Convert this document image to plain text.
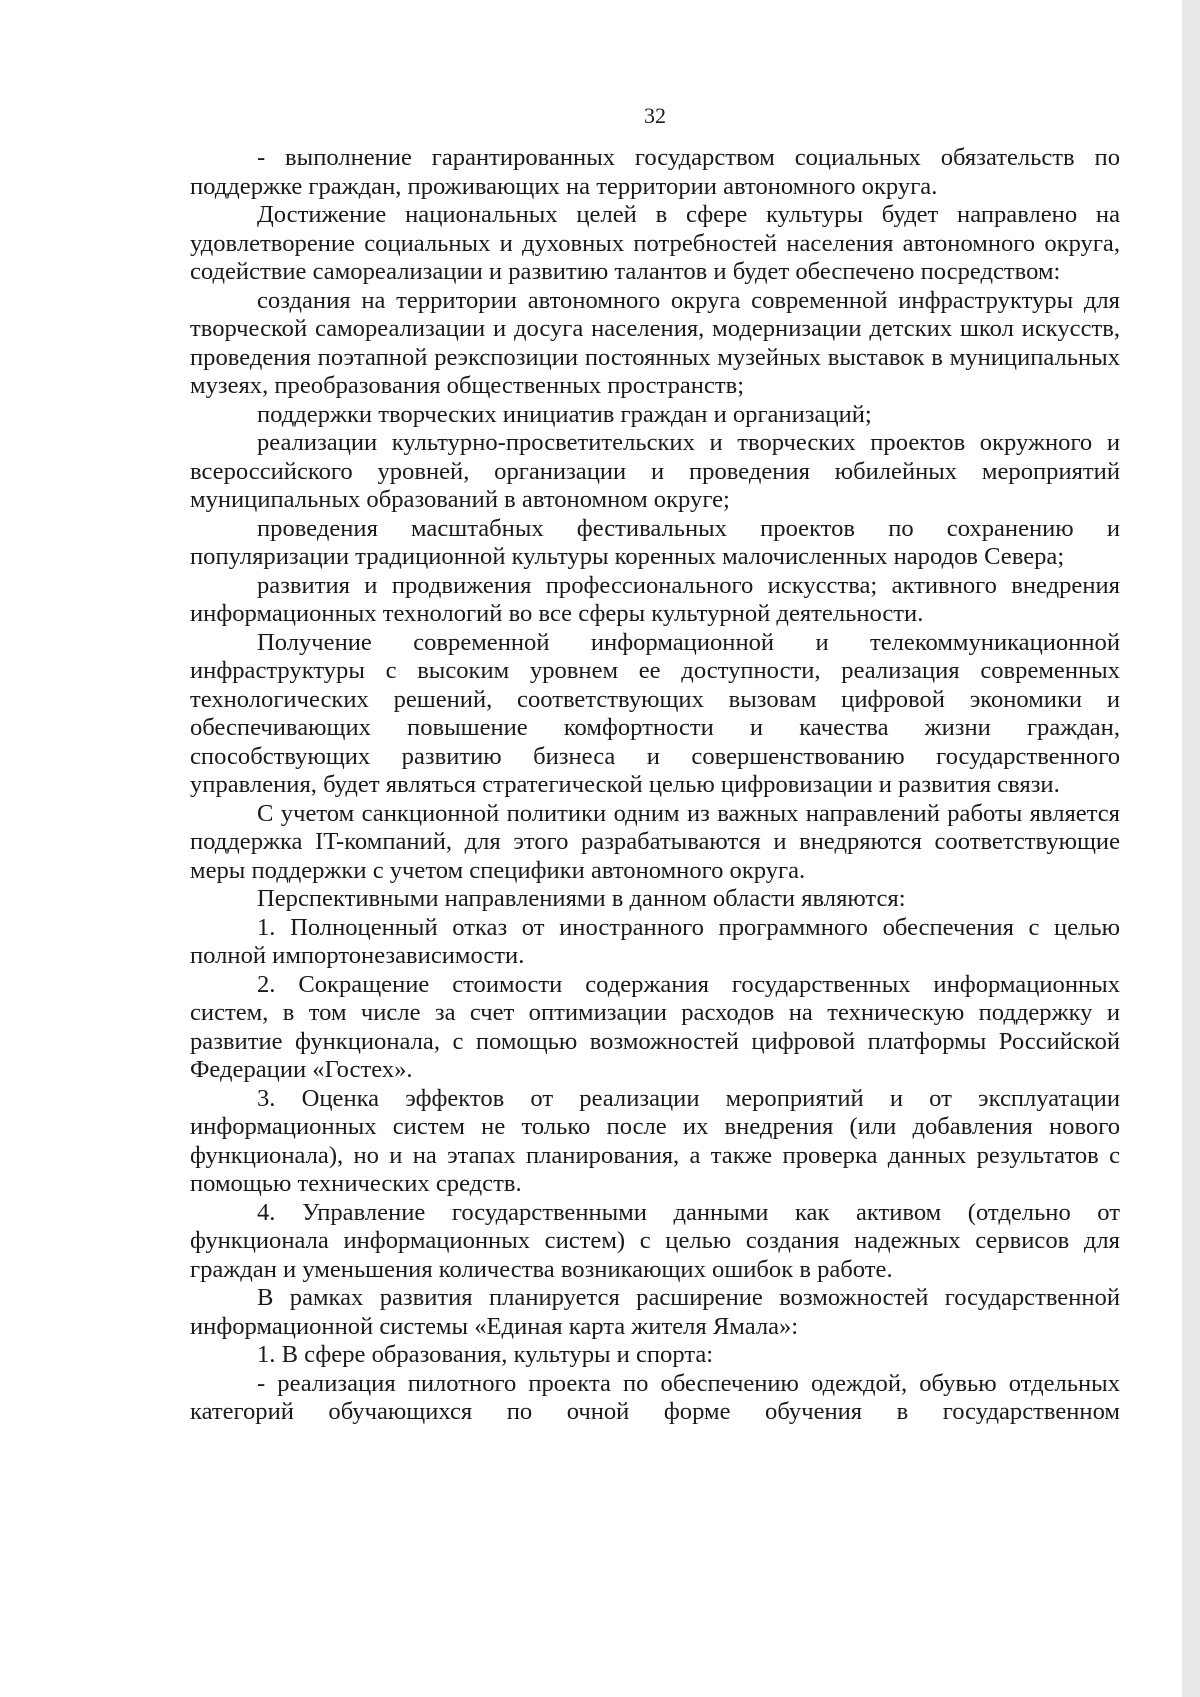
32

- выполнение гарантированных государством социальных обязательств по поддержке граждан, проживающих на территории автономного округа.

Достижение национальных целей в сфере культуры будет направлено на удовлетворение социальных и духовных потребностей населения автономного округа, содействие самореализации и развитию талантов и будет обеспечено посредством:

создания на территории автономного округа современной инфраструктуры для творческой самореализации и досуга населения, модернизации детских школ искусств, проведения поэтапной реэкспозиции постоянных музейных выставок в муниципальных музеях, преобразования общественных пространств;

поддержки творческих инициатив граждан и организаций;

реализации культурно-просветительских и творческих проектов окружного и всероссийского уровней, организации и проведения юбилейных мероприятий муниципальных образований в автономном округе;

проведения масштабных фестивальных проектов по сохранению и популяризации традиционной культуры коренных малочисленных народов Севера;

развития и продвижения профессионального искусства; активного внедрения информационных технологий во все сферы культурной деятельности.

Получение современной информационной и телекоммуникационной инфраструктуры с высоким уровнем ее доступности, реализация современных технологических решений, соответствующих вызовам цифровой экономики и обеспечивающих повышение комфортности и качества жизни граждан, способствующих развитию бизнеса и совершенствованию государственного управления, будет являться стратегической целью цифровизации и развития связи.

С учетом санкционной политики одним из важных направлений работы является поддержка IT-компаний, для этого разрабатываются и внедряются соответствующие меры поддержки с учетом специфики автономного округа.

Перспективными направлениями в данном области являются:

1. Полноценный отказ от иностранного программного обеспечения с целью полной импортонезависимости.

2. Сокращение стоимости содержания государственных информационных систем, в том числе за счет оптимизации расходов на техническую поддержку и развитие функционала, с помощью возможностей цифровой платформы Российской Федерации «Гостех».

3. Оценка эффектов от реализации мероприятий и от эксплуатации информационных систем не только после их внедрения (или добавления нового функционала), но и на этапах планирования, а также проверка данных результатов с помощью технических средств.

4. Управление государственными данными как активом (отдельно от функционала информационных систем) с целью создания надежных сервисов для граждан и уменьшения количества возникающих ошибок в работе.

В рамках развития планируется расширение возможностей государственной информационной системы «Единая карта жителя Ямала»:

1. В сфере образования, культуры и спорта:

- реализация пилотного проекта по обеспечению одеждой, обувью отдельных категорий обучающихся по очной форме обучения в государственном
